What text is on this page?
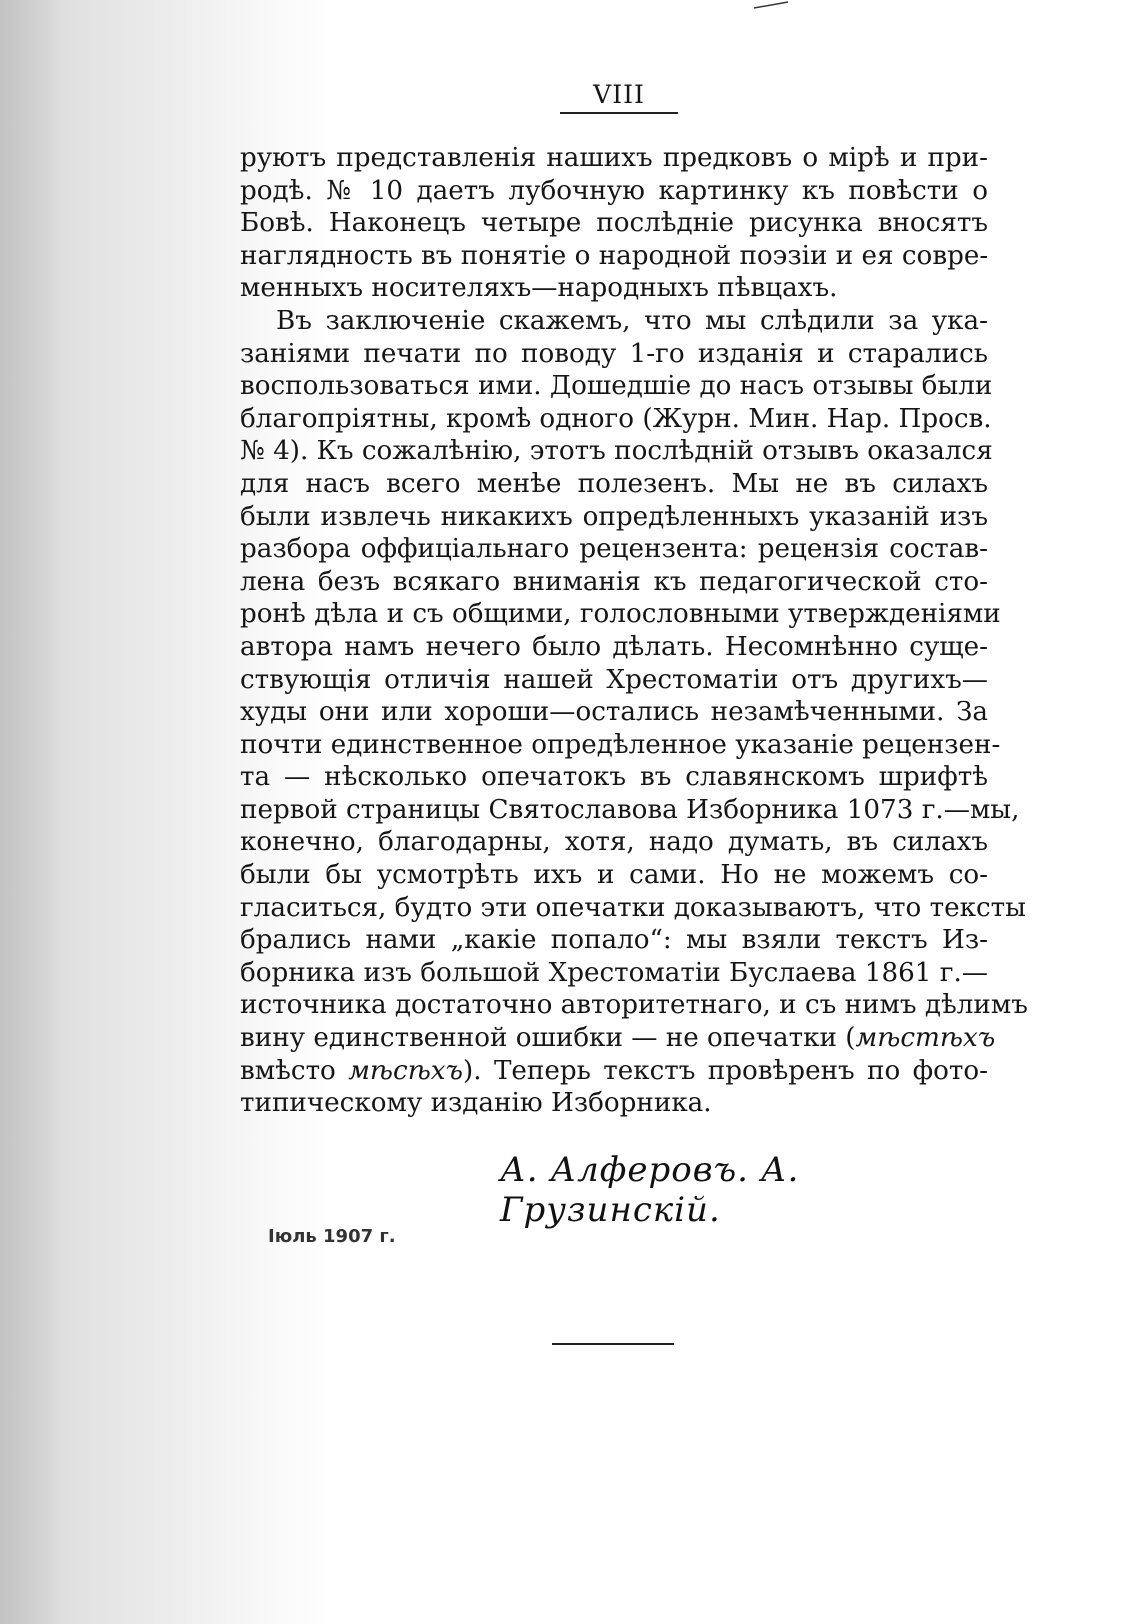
VIII

руютъ представленія нашихъ предковъ о мірѣ и при-
родѣ. № 10 даетъ лубочную картинку къ повѣсти о
Бовѣ. Наконецъ четыре послѣдніе рисунка вносятъ
наглядность въ понятіе о народной поэзіи и ея совре-
менныхъ носителяхъ—народныхъ пѣвцахъ.

Въ заключеніе скажемъ, что мы слѣдили за ука-
заніями печати по поводу 1-го изданія и старались
воспользоваться ими. Дошедшіе до насъ отзывы были
благопріятны, кромѣ одного (Журн. Мин. Нар. Просв.
№ 4). Къ сожалѣнію, этотъ послѣдній отзывъ оказался
для насъ всего менѣе полезенъ. Мы не въ силахъ
были извлечь никакихъ опредѣленныхъ указаній изъ
разбора оффиціальнаго рецензента: рецензія состав-
лена безъ всякаго вниманія къ педагогической сто-
ронѣ дѣла и съ общими, голословными утвержденіями
автора намъ нечего было дѣлать. Несомнѣнно суще-
ствующія отличія нашей Хрестоматіи отъ другихъ—
худы они или хороши—остались незамѣченными. За
почти единственное опредѣленное указаніе рецензен-
та — нѣсколько опечатокъ въ славянскомъ шрифтѣ
первой страницы Святославова Изборника 1073 г.—мы,
конечно, благодарны, хотя, надо думать, въ силахъ
были бы усмотрѣть ихъ и сами. Но не можемъ со-
гласиться, будто эти опечатки доказываютъ, что тексты
брались нами „какіе попало“: мы взяли текстъ Из-
борника изъ большой Хрестоматіи Буслаева 1861 г.—
источника достаточно авторитетнаго, и съ нимъ дѣлимъ
вину единственной ошибки — не опечатки (мѣстѣхъ
вмѣсто мѣсѣхъ). Теперь текстъ провѣренъ по фото-
типическому изданію Изборника.

А. Алферовъ. А. Грузинскій.
Іюль 1907 г.
